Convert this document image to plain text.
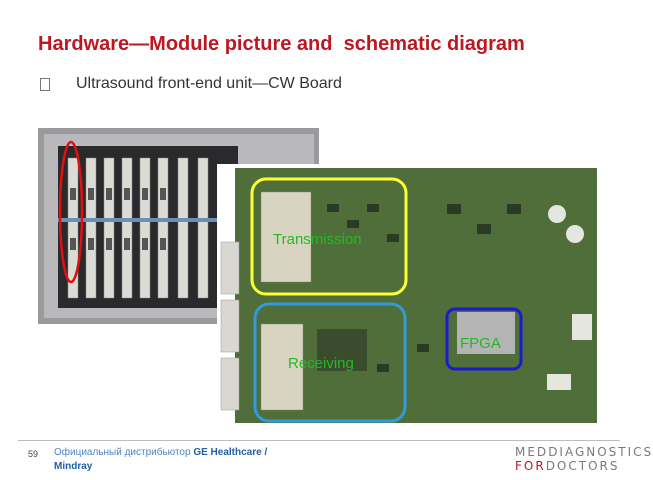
Hardware—Module picture and  schematic diagram
Ultrasound front-end unit—CW Board
Transmission
Receiving
FPGA
59 Официальный дистрибьютор GE Healthcare / Mindray
MEDDIAGNOSTICS
FORDOCTORS
